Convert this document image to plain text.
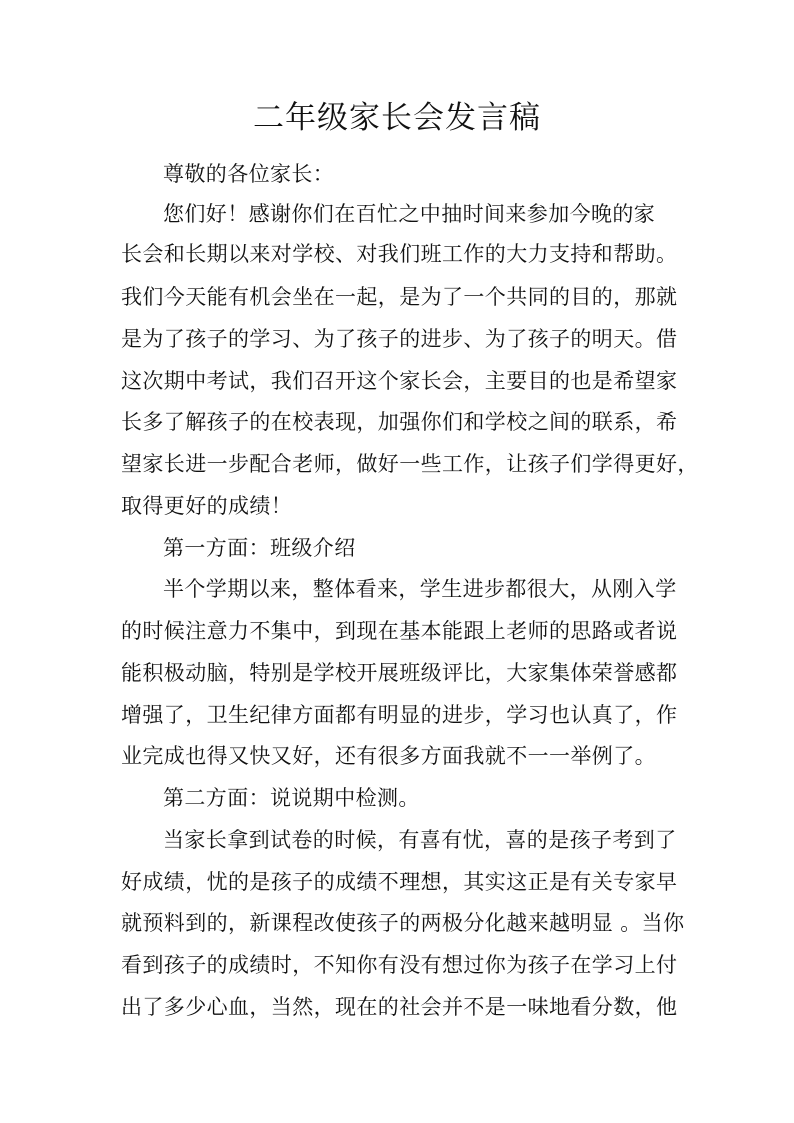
二年级家长会发言稿
尊敬的各位家长：
您们好！感谢你们在百忙之中抽时间来参加今晚的家
长会和长期以来对学校、对我们班工作的大力支持和帮助。
我们今天能有机会坐在一起，是为了一个共同的目的，那就
是为了孩子的学习、为了孩子的进步、为了孩子的明天。借
这次期中考试，我们召开这个家长会，主要目的也是希望家
长多了解孩子的在校表现，加强你们和学校之间的联系，希
望家长进一步配合老师，做好一些工作，让孩子们学得更好，
取得更好的成绩！
第一方面：班级介绍
半个学期以来，整体看来，学生进步都很大，从刚入学
的时候注意力不集中，到现在基本能跟上老师的思路或者说
能积极动脑，特别是学校开展班级评比，大家集体荣誉感都
增强了，卫生纪律方面都有明显的进步，学习也认真了，作
业完成也得又快又好，还有很多方面我就不一一举例了。
第二方面：说说期中检测。
当家长拿到试卷的时候，有喜有忧，喜的是孩子考到了
好成绩，忧的是孩子的成绩不理想，其实这正是有关专家早
就预料到的，新课程改使孩子的两极分化越来越明显 。当你
看到孩子的成绩时，不知你有没有想过你为孩子在学习上付
出了多少心血，当然，现在的社会并不是一味地看分数，他
